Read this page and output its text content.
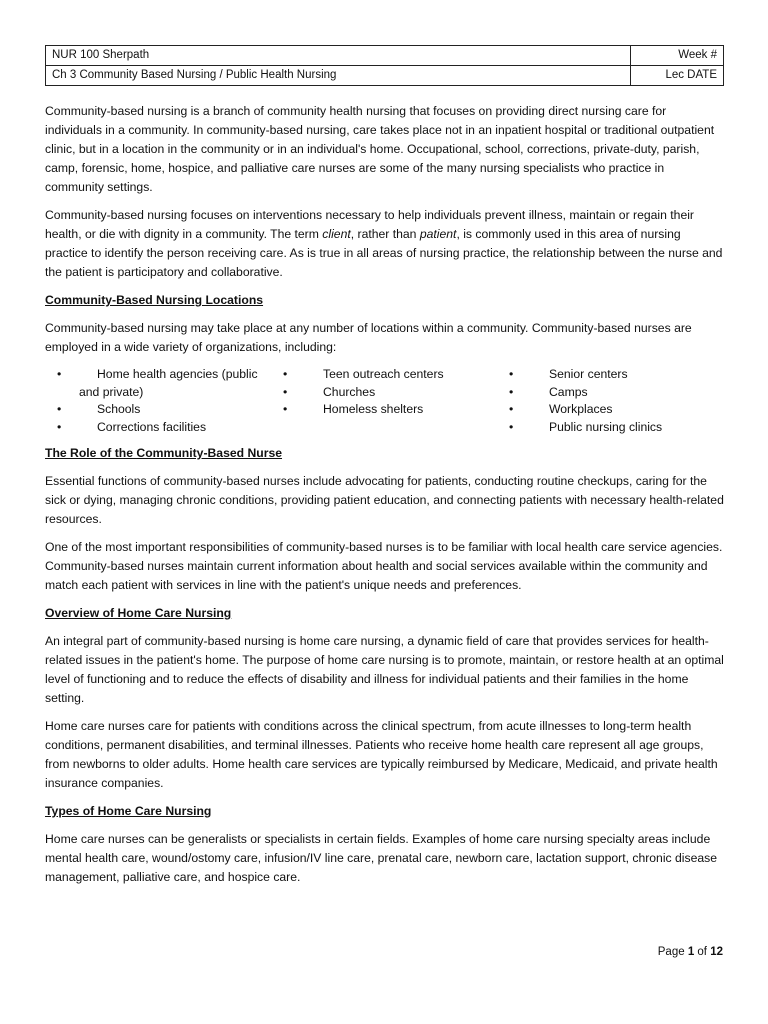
NUR 100 Sherpath	Week #
Ch 3 Community Based Nursing / Public Health Nursing	Lec DATE

Community-based nursing is a branch of community health nursing that focuses on providing direct nursing care for individuals in a community. In community-based nursing, care takes place not in an inpatient hospital or traditional outpatient clinic, but in a location in the community or in an individual's home. Occupational, school, corrections, private-duty, parish, camp, forensic, home, hospice, and palliative care nurses are some of the many nursing specialists who practice in community settings.

Community-based nursing focuses on interventions necessary to help individuals prevent illness, maintain or regain their health, or die with dignity in a community. The term client, rather than patient, is commonly used in this area of nursing practice to identify the person receiving care. As is true in all areas of nursing practice, the relationship between the nurse and the patient is participatory and collaborative.

Community-Based Nursing Locations

Community-based nursing may take place at any number of locations within a community. Community-based nurses are employed in a wide variety of organizations, including:

•	Home health agencies (public
and private)
•	Schools
•	Corrections facilities
•	Teen outreach centers
•	Churches
•	Homeless shelters
•	Senior centers
•	Camps
•	Workplaces
•	Public nursing clinics
The Role of the Community-Based Nurse

Essential functions of community-based nurses include advocating for patients, conducting routine checkups, caring for the sick or dying, managing chronic conditions, providing patient education, and connecting patients with necessary health-related resources.

One of the most important responsibilities of community-based nurses is to be familiar with local health care service agencies. Community-based nurses maintain current information about health and social services available within the community and match each patient with services in line with the patient's unique needs and preferences.

Overview of Home Care Nursing

An integral part of community-based nursing is home care nursing, a dynamic field of care that provides services for health-related issues in the patient's home. The purpose of home care nursing is to promote, maintain, or restore health at an optimal level of functioning and to reduce the effects of disability and illness for individual patients and their families in the home setting.

Home care nurses care for patients with conditions across the clinical spectrum, from acute illnesses to long-term health conditions, permanent disabilities, and terminal illnesses. Patients who receive home health care represent all age groups, from newborns to older adults. Home health care services are typically reimbursed by Medicare, Medicaid, and private health insurance companies.

Types of Home Care Nursing

Home care nurses can be generalists or specialists in certain fields. Examples of home care nursing specialty areas include mental health care, wound/ostomy care, infusion/IV line care, prenatal care, newborn care, lactation support, chronic disease management, palliative care, and hospice care.

Page 1 of 12
